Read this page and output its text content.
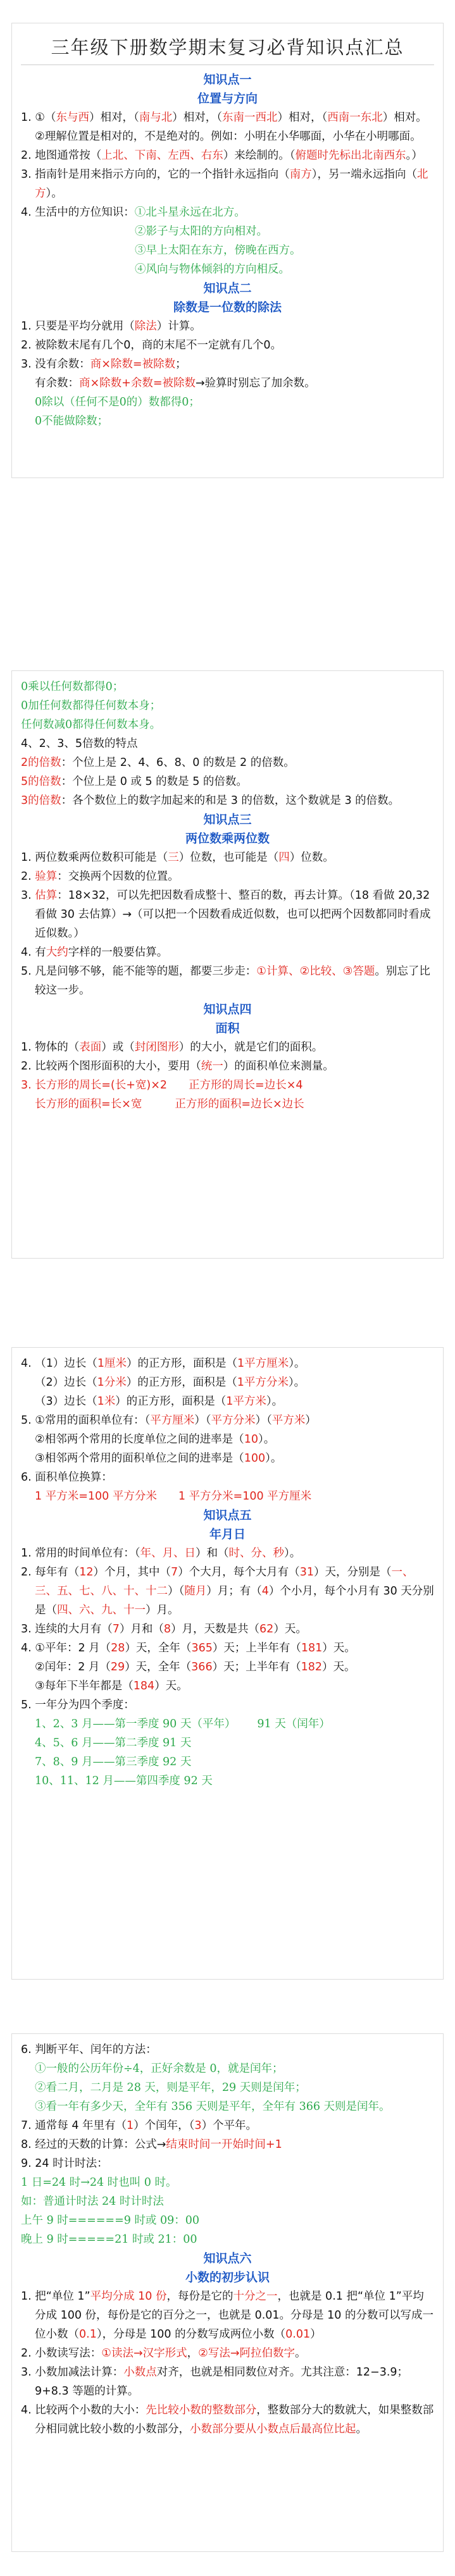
三年级下册数学期末复习必背知识点汇总
知识点一
位置与方向

1. ①（东与西）相对，（南与北）相对，（东南一西北）相对，（西南一东北）相对。

②理解位置是相对的，不是绝对的。例如：小明在小华哪面，小华在小明哪面。

2. 地图通常按（上北、下南、左西、右东）来绘制的。（俯题时先标出北南西东。）

3. 指南针是用来指示方向的，它的一个指针永远指向（南方），另一端永远指向（北方）。

4. 生活中的方位知识：①北斗星永远在北方。

②影子与太阳的方向相对。

③早上太阳在东方，傍晚在西方。

④风向与物体倾斜的方向相反。

知识点二
除数是一位数的除法

1. 只要是平均分就用（除法）计算。

2. 被除数末尾有几个0，商的末尾不一定就有几个0。

3. 没有余数：商×除数=被除数；

有余数：商×除数+余数=被除数→验算时别忘了加余数。

0除以（任何不是0的）数都得0；

0不能做除数；

0乘以任何数都得0；

0加任何数都得任何数本身；

任何数减0都得任何数本身。

4、2、3、5倍数的特点

2的倍数：个位上是 2、4、6、8、0 的数是 2 的倍数。

5的倍数：个位上是 0 或 5 的数是 5 的倍数。

3的倍数：各个数位上的数字加起来的和是 3 的倍数，这个数就是 3 的倍数。

知识点三
两位数乘两位数

1. 两位数乘两位数积可能是（三）位数，也可能是（四）位数。

2. 验算：交换两个因数的位置。

3. 估算：18×32，可以先把因数看成整十、整百的数，再去计算。（18 看做 20,32 看做 30 去估算）→（可以把一个因数看成近似数，也可以把两个因数都同时看成近似数。）

4. 有大约字样的一般要估算。

5. 凡是问够不够，能不能等的题，都要三步走：①计算、②比较、③答题。别忘了比较这一步。

知识点四
面积

1. 物体的（表面）或（封闭图形）的大小，就是它们的面积。

2. 比较两个图形面积的大小，要用（统一）的面积单位来测量。

3. 长方形的周长=(长+宽)×2 正方形的周长=边长×4

长方形的面积=长×宽	正方形的面积=边长×边长

4. （1）边长（1厘米）的正方形，面积是（1平方厘米）。

（2）边长（1分米）的正方形，面积是（1平方分米）。

（3）边长（1米）的正方形，面积是（1平方米）。

5. ①常用的面积单位有：（平方厘米）（平方分米）（平方米）

②相邻两个常用的长度单位之间的进率是（10）。

③相邻两个常用的面积单位之间的进率是（100）。

6. 面积单位换算：

1 平方米=100 平方分米 1 平方分米=100 平方厘米

知识点五
年月日

1. 常用的时间单位有：（年、月、日）和（时、分、秒）。

2. 每年有（12）个月，其中（7）个大月，每个大月有（31）天，分别是（一、三、五、七、八、十、十二）（随月）月；有（4）个小月，每个小月有 30 天分别是（四、六、九、十一）月。

3. 连续的大月有（7）月和（8）月，天数是共（62）天。

4. ①平年：2 月（28）天，全年（365）天；上半年有（181）天。

②闰年：2 月（29）天，全年（366）天；上半年有（182）天。

③每年下半年都是（184）天。

5. 一年分为四个季度：

1、2、3 月——第一季度 90 天（平年） 91 天（闰年）

4、5、6 月——第二季度 91 天

7、8、9 月——第三季度 92 天

10、11、12 月——第四季度 92 天

6. 判断平年、闰年的方法：

①一般的公历年份÷4，正好余数是 0，就是闰年；

②看二月，二月是 28 天，则是平年，29 天则是闰年；

③看一年有多少天，全年有 356 天则是平年，全年有 366 天则是闰年。

7. 通常每 4 年里有（1）个闰年，（3）个平年。

8. 经过的天数的计算：公式→结束时间一开始时间+1

9. 24 时计时法：

1 日=24 时→24 时也叫 0 时。

如：普通计时法 24 时计时法

上午 9 时======9 时或 09：00

晚上 9 时=====21 时或 21：00

知识点六
小数的初步认识

1. 把“单位 1”平均分成 10 份，每份是它的十分之一，也就是 0.1 把“单位 1”平均分成 100 份，每份是它的百分之一，也就是 0.01。分母是 10 的分数可以写成一位小数（0.1），分母是 100 的分数写成两位小数（0.01）

2. 小数读写法：①读法→汉字形式，②写法→阿拉伯数字。

3. 小数加减法计算：小数点对齐，也就是相同数位对齐。尤其注意：12−3.9；9+8.3 等题的计算。

4. 比较两个小数的大小：先比较小数的整数部分，整数部分大的数就大，如果整数部分相同就比较小数的小数部分，小数部分要从小数点后最高位比起。
